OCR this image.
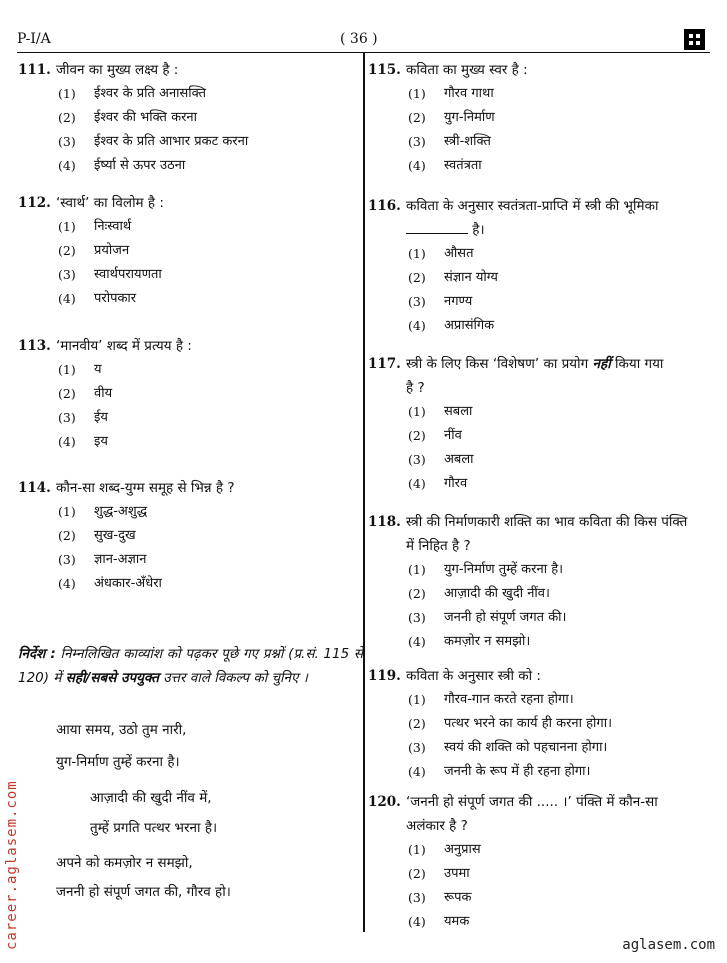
P-I/A	( 36 )
111. जीवन का मुख्य लक्ष्य है :
(1)	ईश्वर के प्रति अनासक्ति
(2)	ईश्वर की भक्ति करना
(3)	ईश्वर के प्रति आभार प्रकट करना
(4)	ईर्ष्या से ऊपर उठना
112. ‘स्वार्थ’ का विलोम है :
(1)	निःस्वार्थ
(2)	प्रयोजन
(3)	स्वार्थपरायणता
(4)	परोपकार
113. ‘मानवीय’ शब्द में प्रत्यय है :
(1)	य
(2)	वीय
(3)	ईय
(4)	इय
114. कौन-सा शब्द-युग्म समूह से भिन्न है ?
(1)	शुद्ध-अशुद्ध
(2)	सुख-दुख
(3)	ज्ञान-अज्ञान
(4)	अंधकार-अँधेरा
निर्देश : निम्नलिखित काव्यांश को पढ़कर पूछे गए प्रश्नों (प्र.सं. 115 से 120) में सही/सबसे उपयुक्त उत्तर वाले विकल्प को चुनिए ।
आया समय, उठो तुम नारी,
युग-निर्माण तुम्हें करना है।
आज़ादी की खुदी नींव में,
तुम्हें प्रगति पत्थर भरना है।
अपने को कमज़ोर न समझो,
जननी हो संपूर्ण जगत की, गौरव हो।
115. कविता का मुख्य स्वर है :
(1)	गौरव गाथा
(2)	युग-निर्माण
(3)	स्त्री-शक्ति
(4)	स्वतंत्रता
116. कविता के अनुसार स्वतंत्रता-प्राप्ति में स्त्री की भूमिका
है।
(1)	औसत
(2)	संज्ञान योग्य
(3)	नगण्य
(4)	अप्रासंगिक
117. स्त्री के लिए किस ‘विशेषण’ का प्रयोग नहीं किया गया
है ?
(1)	सबला
(2)	नींव
(3)	अबला
(4)	गौरव
118. स्त्री की निर्माणकारी शक्ति का भाव कविता की किस पंक्ति
में निहित है ?
(1)	युग-निर्माण तुम्हें करना है।
(2)	आज़ादी की खुदी नींव।
(3)	जननी हो संपूर्ण जगत की।
(4)	कमज़ोर न समझो।
119. कविता के अनुसार स्त्री को :
(1)	गौरव-गान करते रहना होगा।
(2)	पत्थर भरने का कार्य ही करना होगा।
(3)	स्वयं की शक्ति को पहचानना होगा।
(4)	जननी के रूप में ही रहना होगा।
120. ‘जननी हो संपूर्ण जगत की ..... ।’ पंक्ति में कौन-सा
अलंकार है ?
(1)	अनुप्रास
(2)	उपमा
(3)	रूपक
(4)	यमक
career.aglasem.com	aglasem.com
